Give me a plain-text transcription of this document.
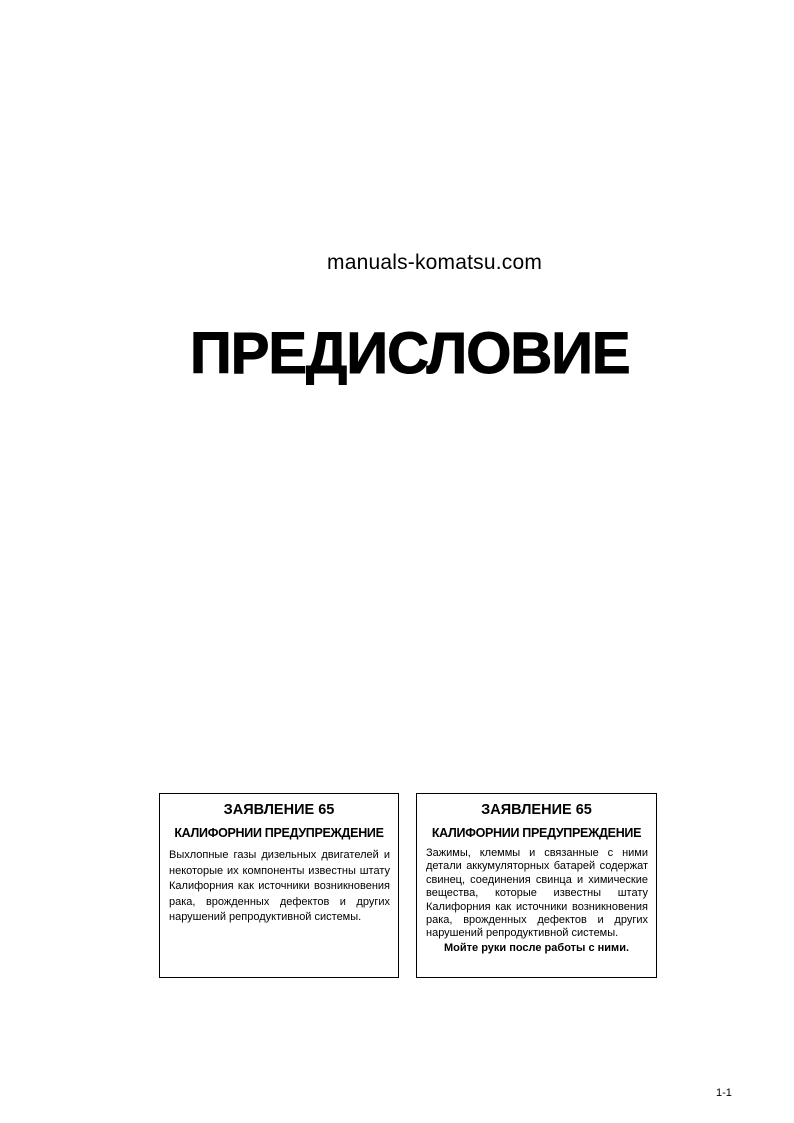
manuals-komatsu.com
ПРЕДИСЛОВИЕ
ЗАЯВЛЕНИЕ 65
КАЛИФОРНИИ ПРЕДУПРЕЖДЕНИЕ
Выхлопные газы дизельных двигателей и некоторые их компоненты известны штату Калифорния как источники возникновения рака, врожденных дефектов и других нарушений репродуктивной системы.
ЗАЯВЛЕНИЕ 65
КАЛИФОРНИИ ПРЕДУПРЕЖДЕНИЕ
Зажимы, клеммы и связанные с ними детали аккумуляторных батарей содержат свинец, соединения свинца и химические вещества, которые известны штату Калифорния как источники возникновения рака, врожденных дефектов и других нарушений репродуктивной системы.
Мойте руки после работы с ними.
1-1
